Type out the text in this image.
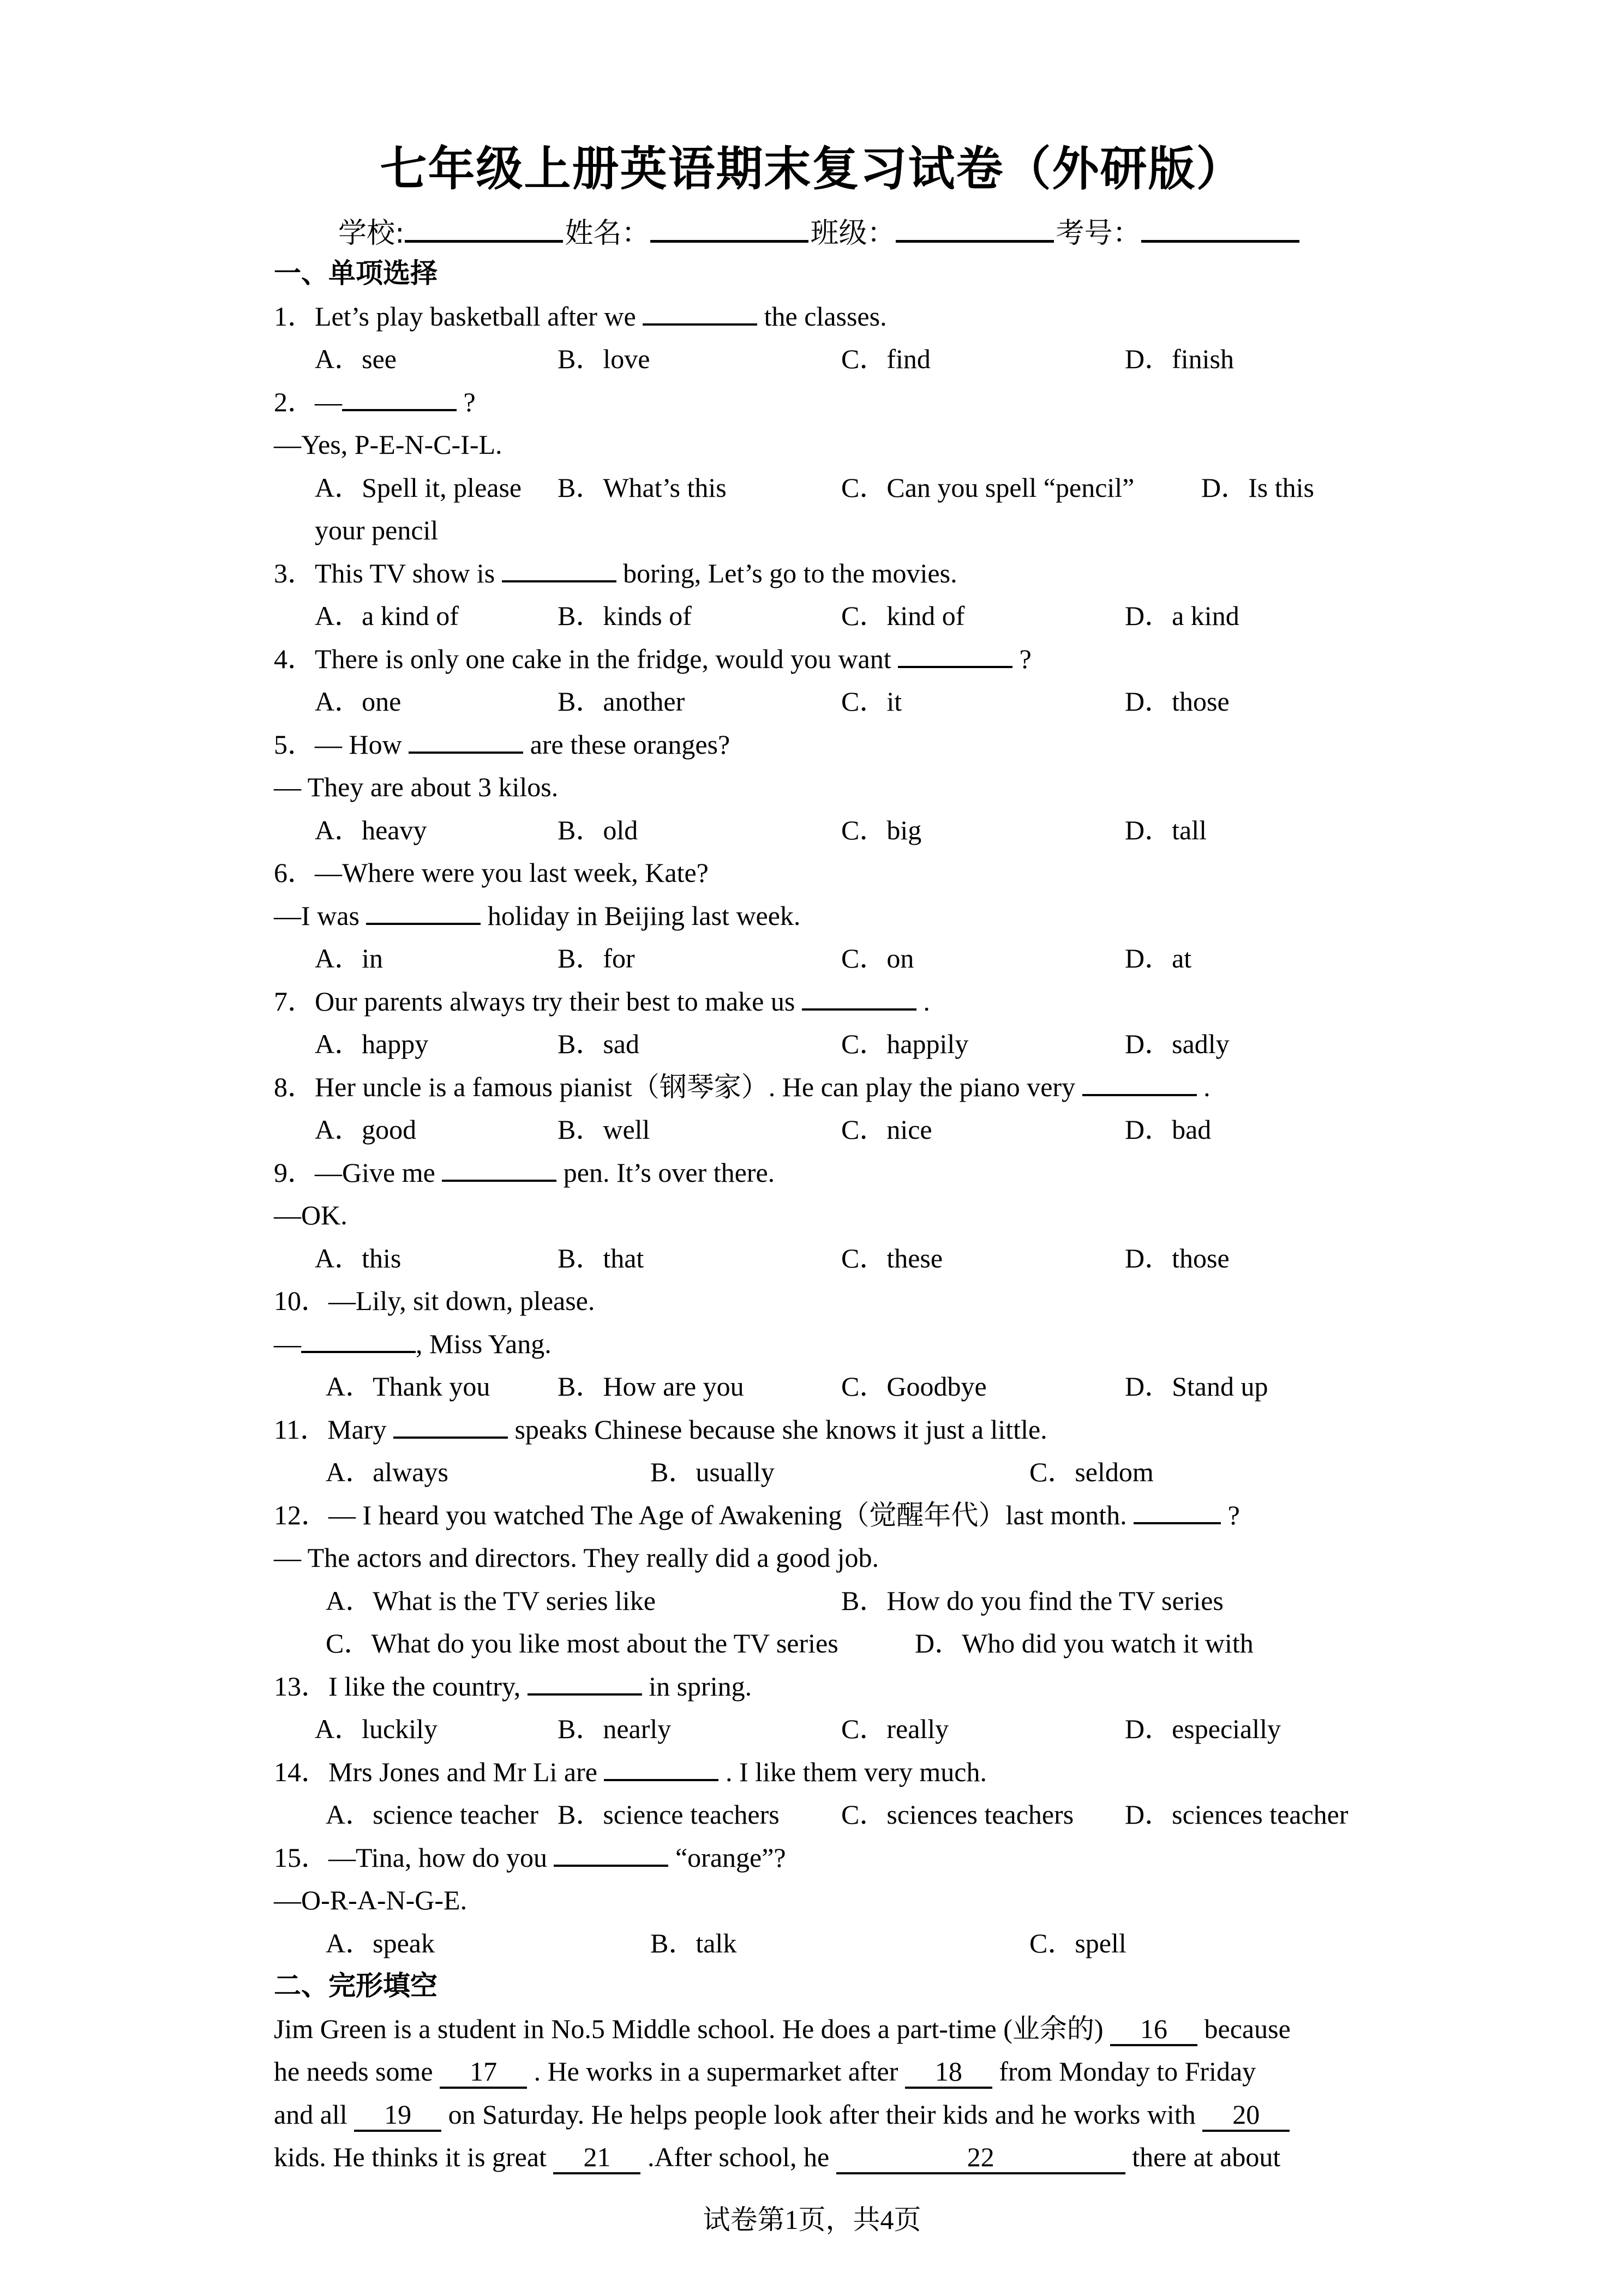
七年级上册英语期末复习试卷（外研版）
学校:	姓名：	班级：	考号：
一、单项选择
1．Let’s play basketball after we	the classes.
A．see	B．love	C．find	D．finish
2．—	?
—Yes, P-E-N-C-I-L.
A．Spell it, please B．What’s this	C．Can you spell “pencil” D．Is this
your pencil
3．This TV show is	boring, Let’s go to the movies.
A．a kind of	B．kinds of	C．kind of	D．a kind
4．There is only one cake in the fridge, would you want	?
A．one	B．another	C．it	D．those
5．— How	are these oranges?
— They are about 3 kilos.
A．heavy	B．old	C．big	D．tall
6．—Where were you last week, Kate?
—I was	holiday in Beijing last week.
A．in	B．for	C．on	D．at
7．Our parents always try their best to make us	.
A．happy	B．sad	C．happily	D．sadly
8．Her uncle is a famous pianist（钢琴家）. He can play the piano very	.
A．good	B．well	C．nice	D．bad
9．—Give me	pen. It’s over there.
—OK.
A．this	B．that	C．these	D．those
10．—Lily, sit down, please.
—	, Miss Yang.
A．Thank you B．How are you	C．Goodbye	D．Stand up
11．Mary	speaks Chinese because she knows it just a little.
A．always	B．usually	C．seldom
12．— I heard you watched The Age of Awakening（觉醒年代）last month.	?
— The actors and directors. They really did a good job.
A．What is the TV series like	B．How do you find the TV series
C．What do you like most about the TV series	D．Who did you watch it with
13．I like the country,	in spring.
A．luckily	B．nearly	C．really	D．especially
14．Mrs Jones and Mr Li are	. I like them very much.
A．science teacher B．science teachers C．sciences teachers D．sciences teacher
15．—Tina, how do you	“orange”?
—O-R-A-N-G-E.
A．speak	B．talk	C．spell
二、完形填空
Jim Green is a student in No.5 Middle school. He does a part-time (业余的) 16 because
he needs some 17 . He works in a supermarket after 18 from Monday to Friday
and all 19 on Saturday. He helps people look after their kids and he works with 20
kids. He thinks it is great 21 .After school, he	22	there at about
试卷第1页，共4页
